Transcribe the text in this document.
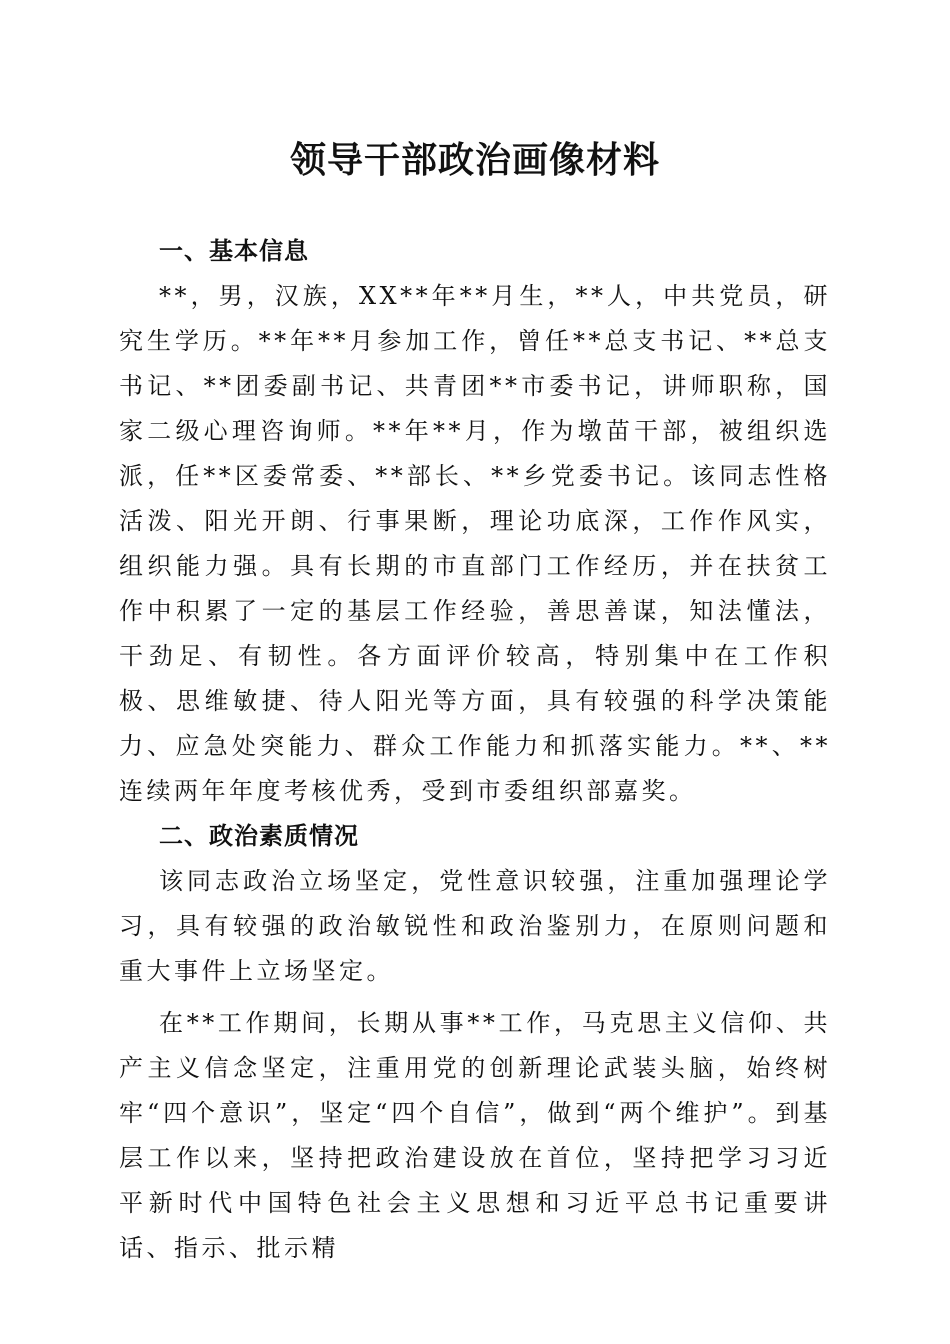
领导干部政治画像材料
一、基本信息

**，男，汉族，XX**年**月生，**人，中共党员，研究生学历。**年**月参加工作，曾任**总支书记、**总支书记、**团委副书记、共青团**市委书记，讲师职称，国家二级心理咨询师。**年**月，作为墩苗干部，被组织选派，任**区委常委、**部长、**乡党委书记。该同志性格活泼、阳光开朗、行事果断，理论功底深，工作作风实，组织能力强。具有长期的市直部门工作经历，并在扶贫工作中积累了一定的基层工作经验，善思善谋，知法懂法，干劲足、有韧性。各方面评价较高，特别集中在工作积极、思维敏捷、待人阳光等方面，具有较强的科学决策能力、应急处突能力、群众工作能力和抓落实能力。**、**连续两年年度考核优秀，受到市委组织部嘉奖。

二、政治素质情况

该同志政治立场坚定，党性意识较强，注重加强理论学习，具有较强的政治敏锐性和政治鉴别力，在原则问题和重大事件上立场坚定。

在**工作期间，长期从事**工作，马克思主义信仰、共产主义信念坚定，注重用党的创新理论武装头脑，始终树牢“四个意识”，坚定“四个自信”，做到“两个维护”。到基层工作以来，坚持把政治建设放在首位，坚持把学习习近平新时代中国特色社会主义思想和习近平总书记重要讲话、指示、批示精
